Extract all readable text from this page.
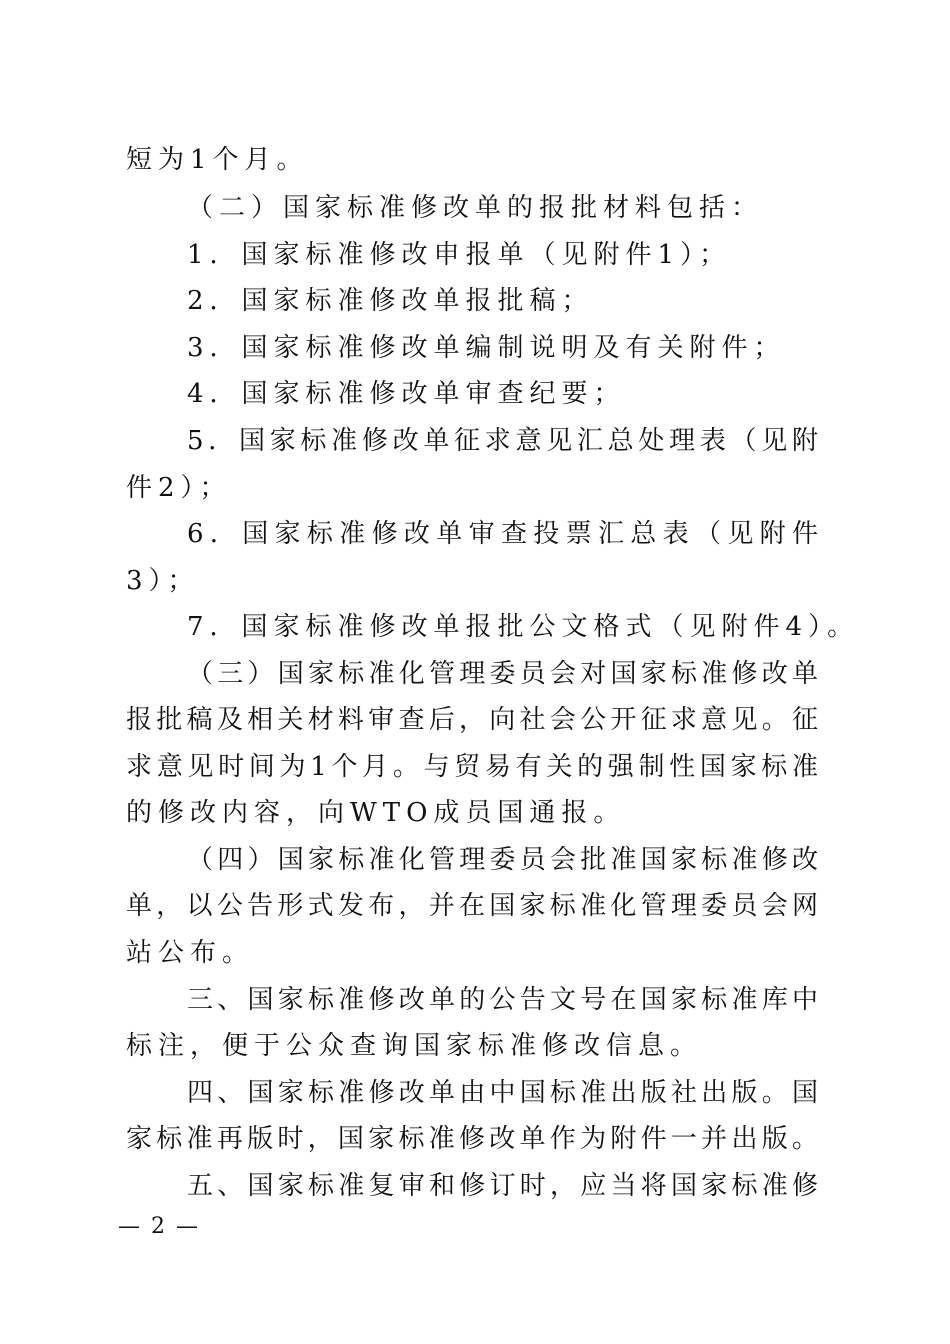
短为1个月。
（二）国家标准修改单的报批材料包括：
1．国家标准修改申报单（见附件1）；
2．国家标准修改单报批稿；
3．国家标准修改单编制说明及有关附件；
4．国家标准修改单审查纪要；
5．国家标准修改单征求意见汇总处理表（见附
件2）；
6．国家标准修改单审查投票汇总表（见附件
3）；
7．国家标准修改单报批公文格式（见附件4）。
（三）国家标准化管理委员会对国家标准修改单
报批稿及相关材料审查后，向社会公开征求意见。征
求意见时间为1个月。与贸易有关的强制性国家标准
的修改内容，向WTO成员国通报。
（四）国家标准化管理委员会批准国家标准修改
单，以公告形式发布，并在国家标准化管理委员会网
站公布。
三、国家标准修改单的公告文号在国家标准库中
标注，便于公众查询国家标准修改信息。
四、国家标准修改单由中国标准出版社出版。国
家标准再版时，国家标准修改单作为附件一并出版。
五、国家标准复审和修订时，应当将国家标准修
— 2 —
